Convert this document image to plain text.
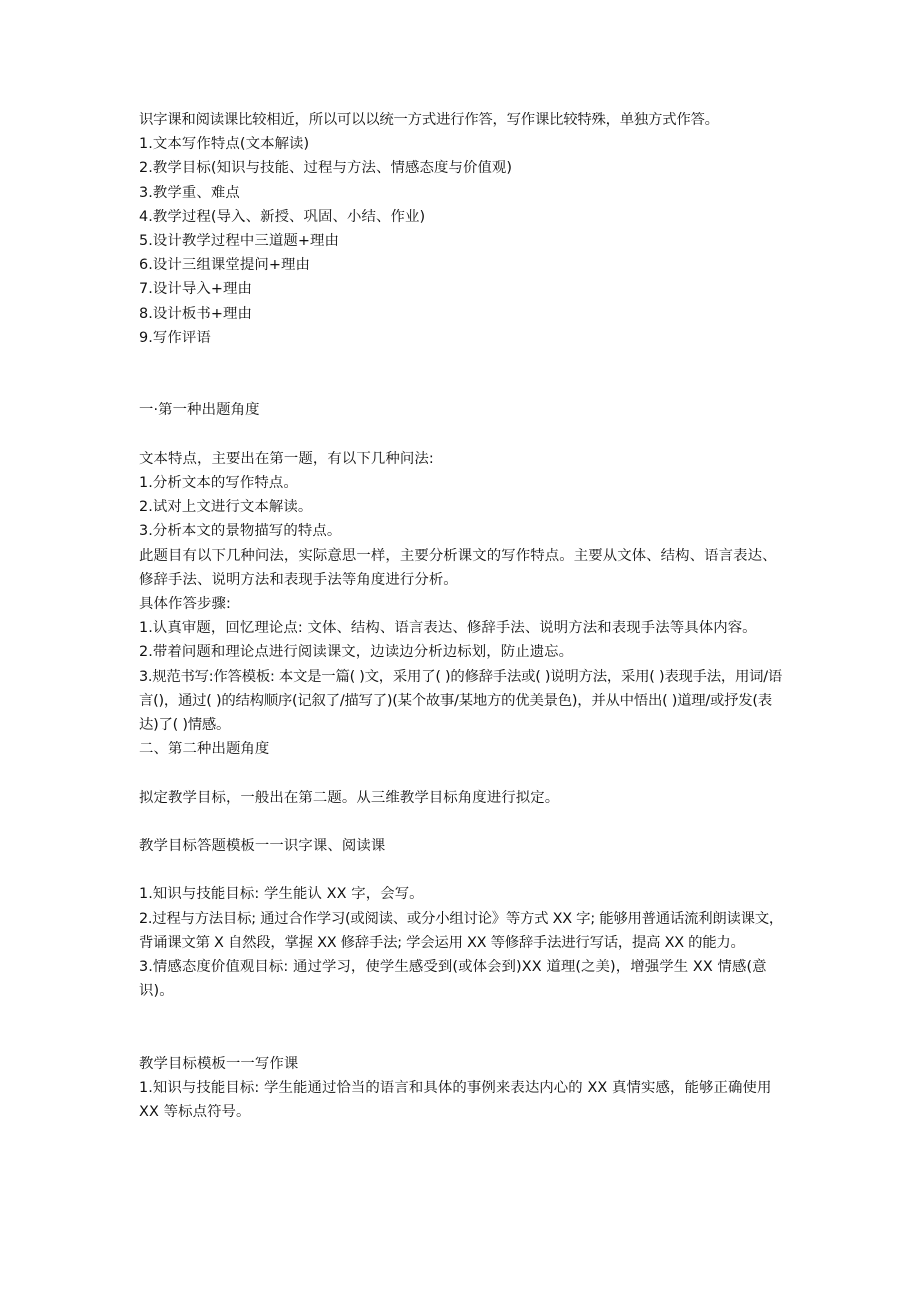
识字课和阅读课比较相近，所以可以以统一方式进行作答，写作课比较特殊，单独方式作答。

1.文本写作特点(文本解读)

2.教学目标(知识与技能、过程与方法、情感态度与价值观)

3.教学重、难点

4.教学过程(导入、新授、巩固、小结、作业)

5.设计教学过程中三道题+理由

6.设计三组课堂提问+理由

7.设计导入+理由

8.设计板书+理由

9.写作评语

一·第一种出题角度

文本特点，主要出在第一题，有以下几种问法:

1.分析文本的写作特点。

2.试对上文进行文本解读。

3.分析本文的景物描写的特点。

此题目有以下几种问法，实际意思一样，主要分析课文的写作特点。主要从文体、结构、语言表达、修辞手法、说明方法和表现手法等角度进行分析。

具体作答步骤:

1.认真审题，回忆理论点: 文体、结构、语言表达、修辞手法、说明方法和表现手法等具体内容。

2.带着问题和理论点进行阅读课文，边读边分析边标划，防止遗忘。

3.规范书写:作答模板: 本文是一篇( )文，采用了( )的修辞手法或( )说明方法，采用( )表现手法，用词/语言()，通过( )的结构顺序(记叙了/描写了)(某个故事/某地方的优美景色)，并从中悟出( )道理/或抒发(表达)了( )情感。

二、第二种出题角度

拟定教学目标，一般出在第二题。从三维教学目标角度进行拟定。

教学目标答题模板一一识字课、阅读课

1.知识与技能目标: 学生能认 XX 字，会写。

2.过程与方法目标; 通过合作学习(或阅读、或分小组讨论》等方式 XX 字; 能够用普通话流利朗读课文，背诵课文第 X 自然段，掌握 XX 修辞手法; 学会运用 XX 等修辞手法进行写话，提高 XX 的能力。

3.情感态度价值观目标: 通过学习，使学生感受到(或体会到)XX 道理(之美)，增强学生 XX 情感(意识)。

教学目标模板一一写作课

1.知识与技能目标: 学生能通过恰当的语言和具体的事例来表达内心的 XX 真情实感，能够正确使用 XX 等标点符号。
